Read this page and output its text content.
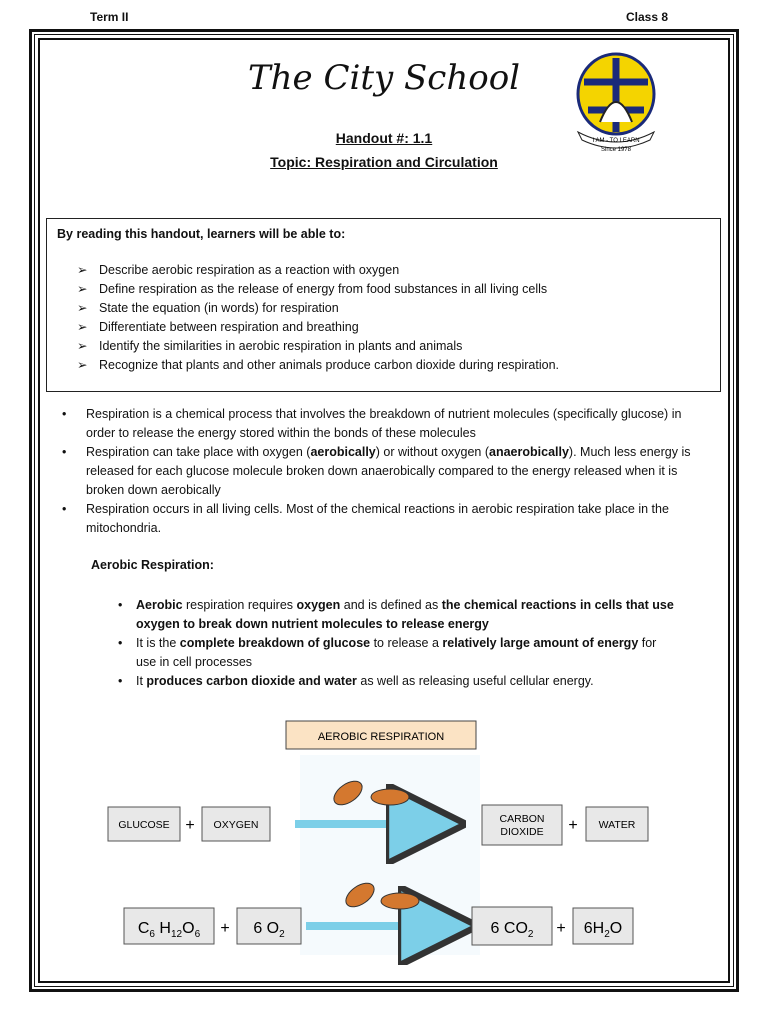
Term II	Class 8
The City School
Handout #: 1.1
Topic: Respiration and Circulation
I AM - TO LEARN
Since 1978
By reading this handout, learners will be able to:
➢ Describe aerobic respiration as a reaction with oxygen
➢ Define respiration as the release of energy from food substances in all living cells
➢ State the equation (in words) for respiration
➢ Differentiate between respiration and breathing
➢ Identify the similarities in aerobic respiration in plants and animals
➢ Recognize that plants and other animals produce carbon dioxide during respiration.
• Respiration is a chemical process that involves the breakdown of nutrient molecules (specifically glucose) in order to release the energy stored within the bonds of these molecules
• Respiration can take place with oxygen (aerobically) or without oxygen (anaerobically). Much less energy is released for each glucose molecule broken down anaerobically compared to the energy released when it is broken down aerobically
• Respiration occurs in all living cells. Most of the chemical reactions in aerobic respiration take place in the mitochondria.
Aerobic Respiration:
• Aerobic respiration requires oxygen and is defined as the chemical reactions in cells that use oxygen to break down nutrient molecules to release energy
• It is the complete breakdown of glucose to release a relatively large amount of energy for use in cell processes
• It produces carbon dioxide and water as well as releasing useful cellular energy.
AEROBIC RESPIRATION
GLUCOSE + OXYGEN	CARBON
DIOXIDE + WATER
$C_6$ $H_{12}O_6 + 6$ $O_2$	6 $CO_2 + 6H_2O$
